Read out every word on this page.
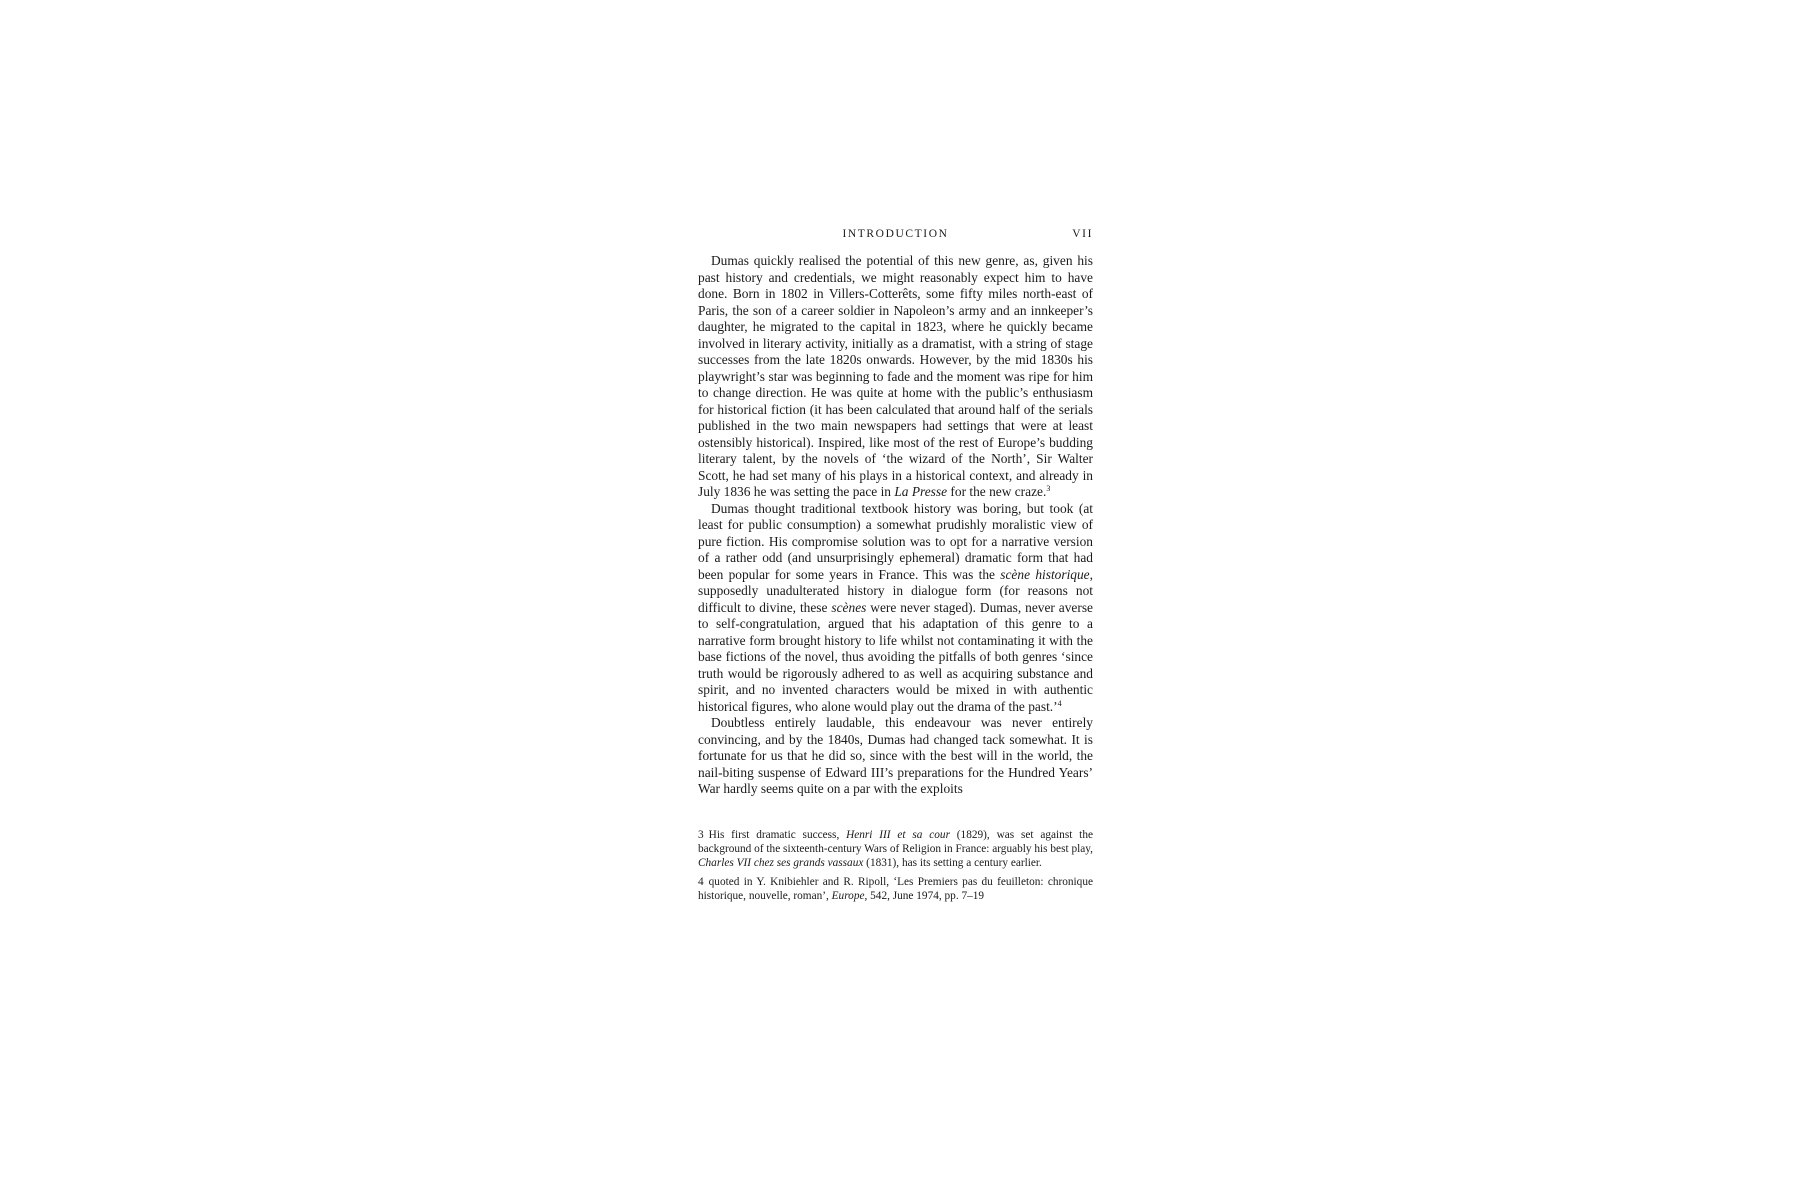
INTRODUCTION	VII

Dumas quickly realised the potential of this new genre, as, given his past history and credentials, we might reasonably expect him to have done. Born in 1802 in Villers-Cotterêts, some fifty miles north-east of Paris, the son of a career soldier in Napoleon’s army and an innkeeper’s daughter, he migrated to the capital in 1823, where he quickly became involved in literary activity, initially as a dramatist, with a string of stage successes from the late 1820s onwards. However, by the mid 1830s his playwright’s star was beginning to fade and the moment was ripe for him to change direction. He was quite at home with the public’s enthusiasm for historical fiction (it has been calculated that around half of the serials published in the two main newspapers had settings that were at least ostensibly historical). Inspired, like most of the rest of Europe’s budding literary talent, by the novels of ‘the wizard of the North’, Sir Walter Scott, he had set many of his plays in a historical context, and already in July 1836 he was setting the pace in La Presse for the new craze.$^3$

Dumas thought traditional textbook history was boring, but took (at least for public consumption) a somewhat prudishly moralistic view of pure fiction. His compromise solution was to opt for a narrative version of a rather odd (and unsurprisingly ephemeral) dramatic form that had been popular for some years in France. This was the scène historique, supposedly unadulterated history in dialogue form (for reasons not difficult to divine, these scènes were never staged). Dumas, never averse to self-congratulation, argued that his adaptation of this genre to a narrative form brought history to life whilst not contaminating it with the base fictions of the novel, thus avoiding the pitfalls of both genres ‘since truth would be rigorously adhered to as well as acquiring substance and spirit, and no invented characters would be mixed in with authentic historical figures, who alone would play out the drama of the past.’$^4$

Doubtless entirely laudable, this endeavour was never entirely convincing, and by the 1840s, Dumas had changed tack somewhat. It is fortunate for us that he did so, since with the best will in the world, the nail-biting suspense of Edward III’s preparations for the Hundred Years’ War hardly seems quite on a par with the exploits

3 His first dramatic success, Henri III et sa cour (1829), was set against the background of the sixteenth-century Wars of Religion in France: arguably his best play, Charles VII chez ses grands vassaux (1831), has its setting a century earlier.

4 quoted in Y. Knibiehler and R. Ripoll, ‘Les Premiers pas du feuilleton: chronique historique, nouvelle, roman’, Europe, 542, June 1974, pp. 7–19
